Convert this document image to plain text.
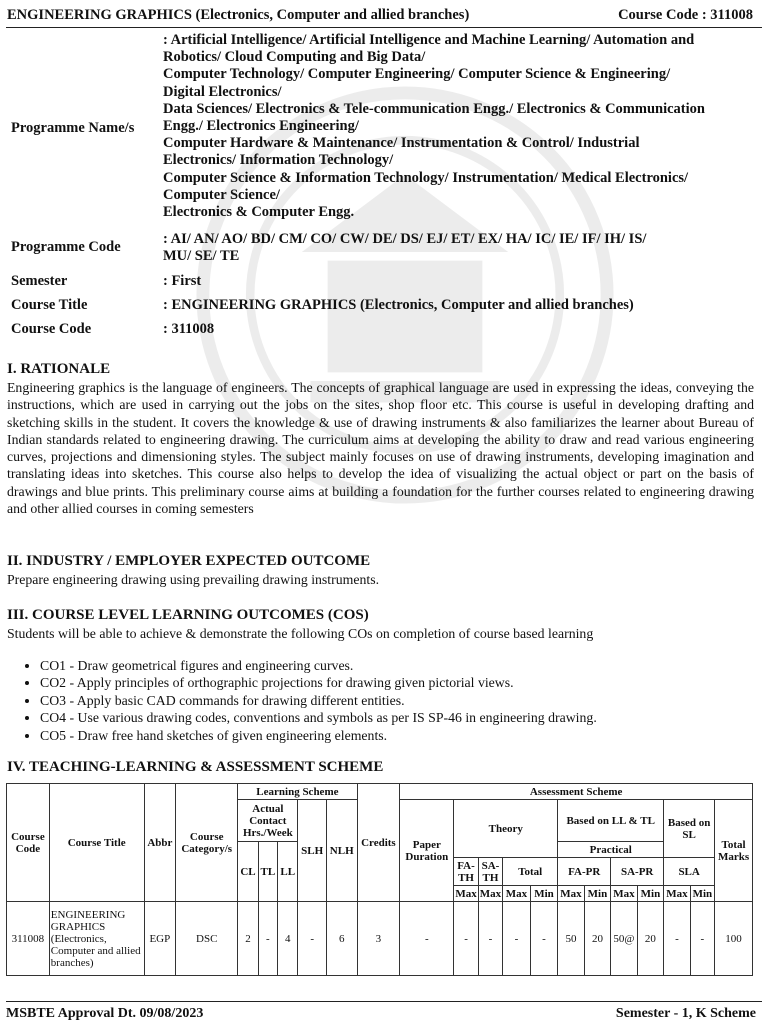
ENGINEERING GRAPHICS (Electronics, Computer and allied branches)	Course Code : 311008
Programme Name/s
: Artificial Intelligence/ Artificial Intelligence and Machine Learning/ Automation and
Robotics/ Cloud Computing and Big Data/
Computer Technology/ Computer Engineering/ Computer Science & Engineering/
Digital Electronics/
Data Sciences/ Electronics & Tele-communication Engg./ Electronics & Communication
Engg./ Electronics Engineering/
Computer Hardware & Maintenance/ Instrumentation & Control/ Industrial
Electronics/ Information Technology/
Computer Science & Information Technology/ Instrumentation/ Medical Electronics/
Computer Science/
Electronics & Computer Engg.
Programme Code	: AI/ AN/ AO/ BD/ CM/ CO/ CW/ DE/ DS/ EJ/ ET/ EX/ HA/ IC/ IE/ IF/ IH/ IS/
MU/ SE/ TE
Semester	: First
Course Title	: ENGINEERING GRAPHICS (Electronics, Computer and allied branches)
Course Code	: 311008
I. RATIONALE
Engineering graphics is the language of engineers. The concepts of graphical language are used in expressing the ideas, conveying the instructions, which are used in carrying out the jobs on the sites, shop floor etc. This course is useful in developing drafting and sketching skills in the student. It covers the knowledge & use of drawing instruments & also familiarizes the learner about Bureau of Indian standards related to engineering drawing. The curriculum aims at developing the ability to draw and read various engineering curves, projections and dimensioning styles. The subject mainly focuses on use of drawing instruments, developing imagination and translating ideas into sketches. This course also helps to develop the idea of visualizing the actual object or part on the basis of drawings and blue prints. This preliminary course aims at building a foundation for the further courses related to engineering drawing and other allied courses in coming semesters
II. INDUSTRY / EMPLOYER EXPECTED OUTCOME
Prepare engineering drawing using prevailing drawing instruments.
III. COURSE LEVEL LEARNING OUTCOMES (COS)
Students will be able to achieve & demonstrate the following COs on completion of course based learning
• CO1 - Draw geometrical figures and engineering curves.
• CO2 - Apply principles of orthographic projections for drawing given pictorial views.
• CO3 - Apply basic CAD commands for drawing different entities.
• CO4 - Use various drawing codes, conventions and symbols as per IS SP-46 in engineering drawing.
• CO5 - Draw free hand sketches of given engineering elements.
IV. TEACHING-LEARNING & ASSESSMENT SCHEME
Course Code	Course Title	Abbr	Course Category/s	Learning Scheme					Credits	Assessment Scheme											
				Actual Contact Hrs./Week			SLH	NLH		Paper Duration	Theory				Based on LL & TL				Based on SL		Total Marks
				CL	TL	LL									Practical						
											FA-TH	SA-TH	Total		FA-PR		SA-PR		SLA		
											Max	Max	Max	Min	Max	Min	Max	Min	Max	Min	
311008	ENGINEERING GRAPHICS (Electronics, Computer and allied branches)	EGP	DSC	2	-	4	-	6	3	-	-	-	-	-	50	20	50@	20	-	-	100
MSBTE Approval Dt. 09/08/2023	Semester - 1, K Scheme
